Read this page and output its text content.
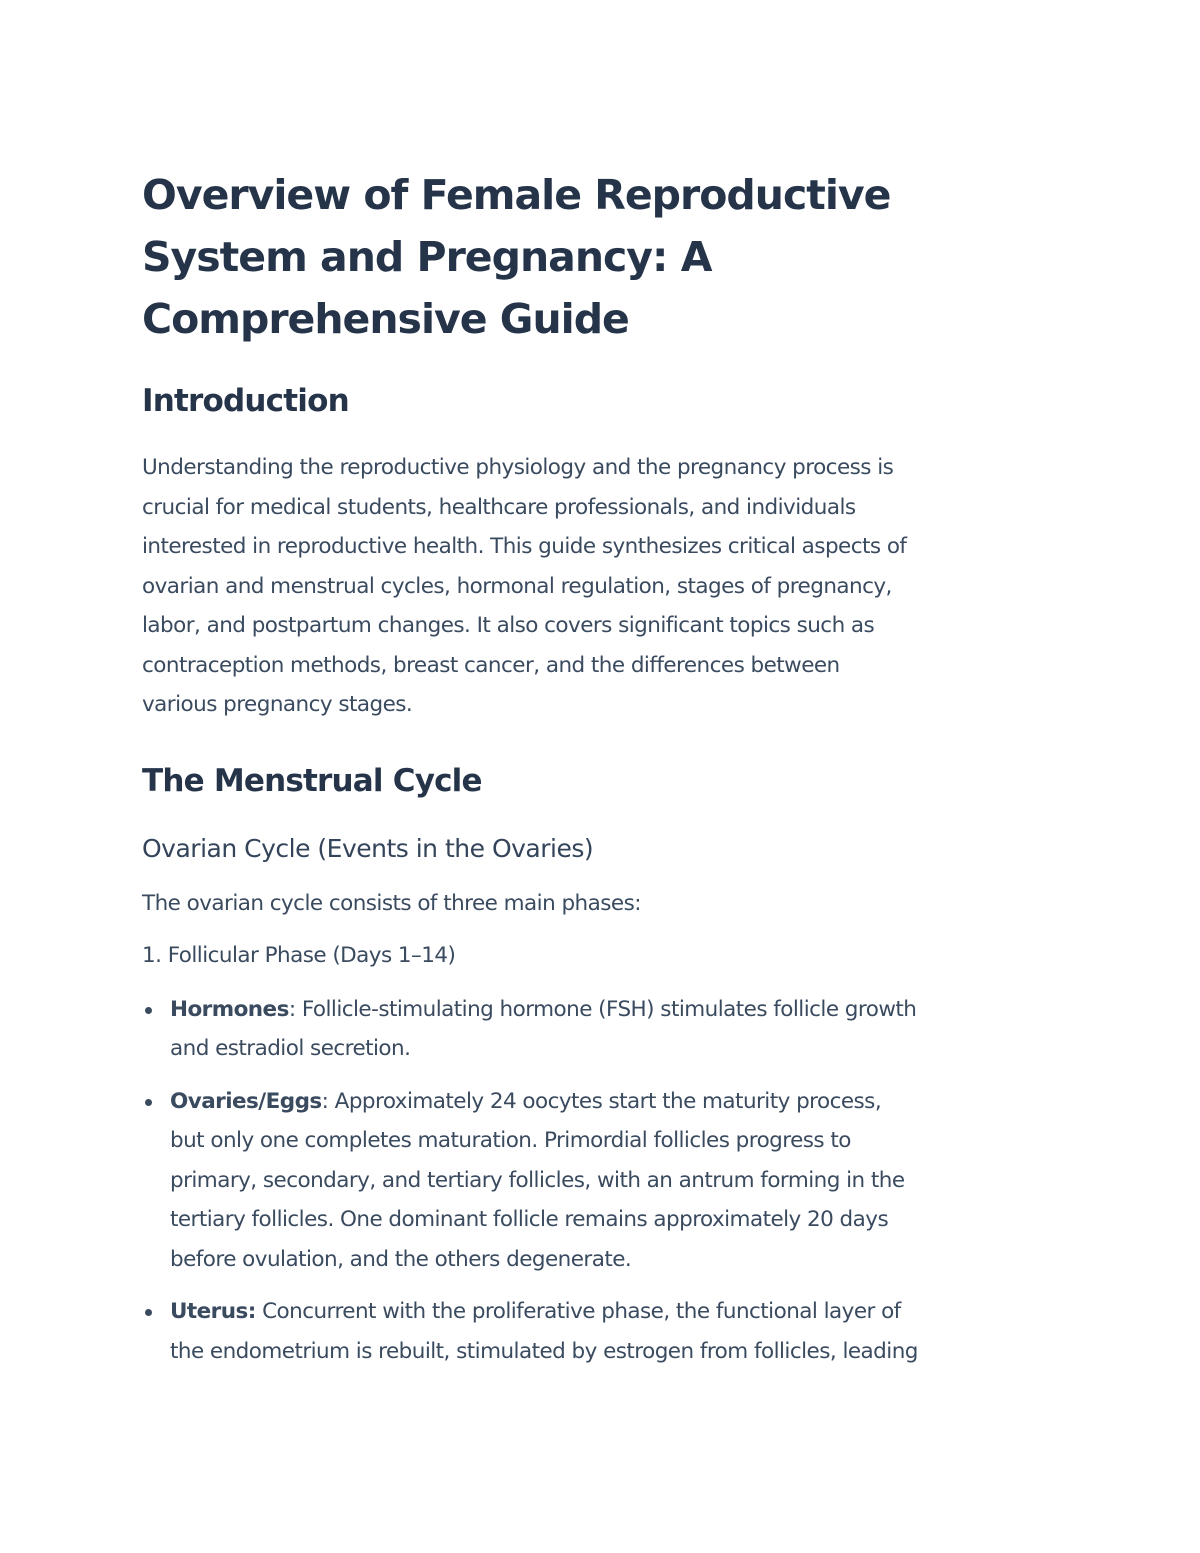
Overview of Female Reproductive
System and Pregnancy: A
Comprehensive Guide
Introduction

Understanding the reproductive physiology and the pregnancy process is
crucial for medical students, healthcare professionals, and individuals
interested in reproductive health. This guide synthesizes critical aspects of
ovarian and menstrual cycles, hormonal regulation, stages of pregnancy,
labor, and postpartum changes. It also covers significant topics such as
contraception methods, breast cancer, and the differences between
various pregnancy stages.

The Menstrual Cycle
Ovarian Cycle (Events in the Ovaries)

The ovarian cycle consists of three main phases:

1. Follicular Phase (Days 1–14)

Hormones: Follicle-stimulating hormone (FSH) stimulates follicle growth
and estradiol secretion.
Ovaries/Eggs: Approximately 24 oocytes start the maturity process,
but only one completes maturation. Primordial follicles progress to
primary, secondary, and tertiary follicles, with an antrum forming in the
tertiary follicles. One dominant follicle remains approximately 20 days
before ovulation, and the others degenerate.
Uterus: Concurrent with the proliferative phase, the functional layer of
the endometrium is rebuilt, stimulated by estrogen from follicles, leading
